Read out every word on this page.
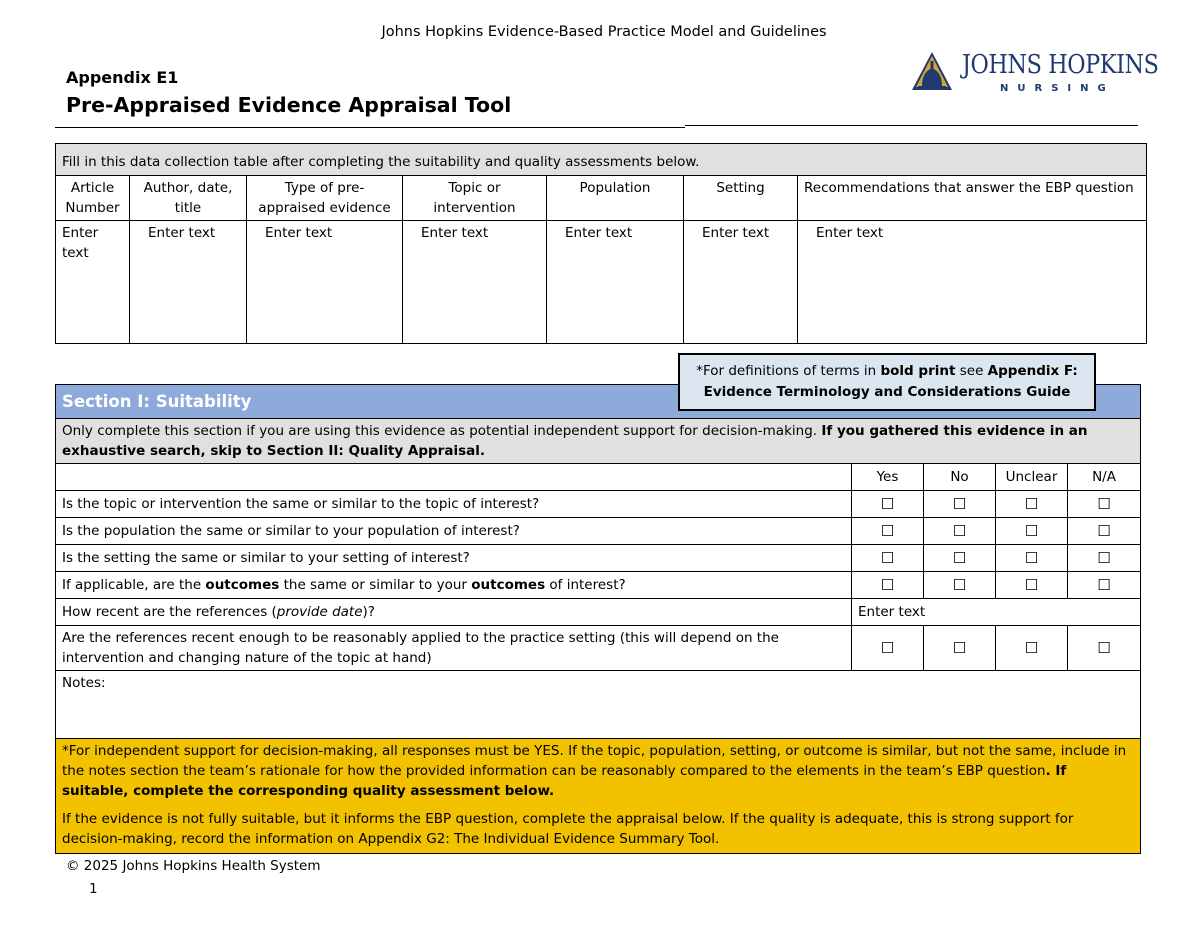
Johns Hopkins Evidence-Based Practice Model and Guidelines
Appendix E1
Pre-Appraised Evidence Appraisal Tool
JOHNS HOPKINS
NURSING
Fill in this data collection table after completing the suitability and quality assessments below.						
Article Number	Author, date, title	Type of pre-appraised evidence	Topic or intervention	Population	Setting	Recommendations that answer the EBP question
Enter text	Enter text	Enter text	Enter text	Enter text	Enter text	Enter text
*For definitions of terms in bold print see Appendix F: Evidence Terminology and Considerations Guide
Section I: Suitability				
Only complete this section if you are using this evidence as potential independent support for decision-making. If you gathered this evidence in an exhaustive search, skip to Section II: Quality Appraisal.				
	Yes	No	Unclear	N/A
Is the topic or intervention the same or similar to the topic of interest?	☐	☐	☐	☐
Is the population the same or similar to your population of interest?	☐	☐	☐	☐
Is the setting the same or similar to your setting of interest?	☐	☐	☐	☐
If applicable, are the outcomes the same or similar to your outcomes of interest?	☐	☐	☐	☐
How recent are the references (provide date)?	Enter text			
Are the references recent enough to be reasonably applied to the practice setting (this will depend on the intervention and changing nature of the topic at hand)	☐	☐	☐	☐
Notes:				

*For independent support for decision-making, all responses must be YES. If the topic, population, setting, or outcome is similar, but not the same, include in the notes section the team’s rationale for how the provided information can be reasonably compared to the elements in the team’s EBP question. If suitable, complete the corresponding quality assessment below.

If the evidence is not fully suitable, but it informs the EBP question, complete the appraisal below. If the quality is adequate, this is strong support for decision-making, record the information on Appendix G2: The Individual Evidence Summary Tool.				

© 2025 Johns Hopkins Health System
1
